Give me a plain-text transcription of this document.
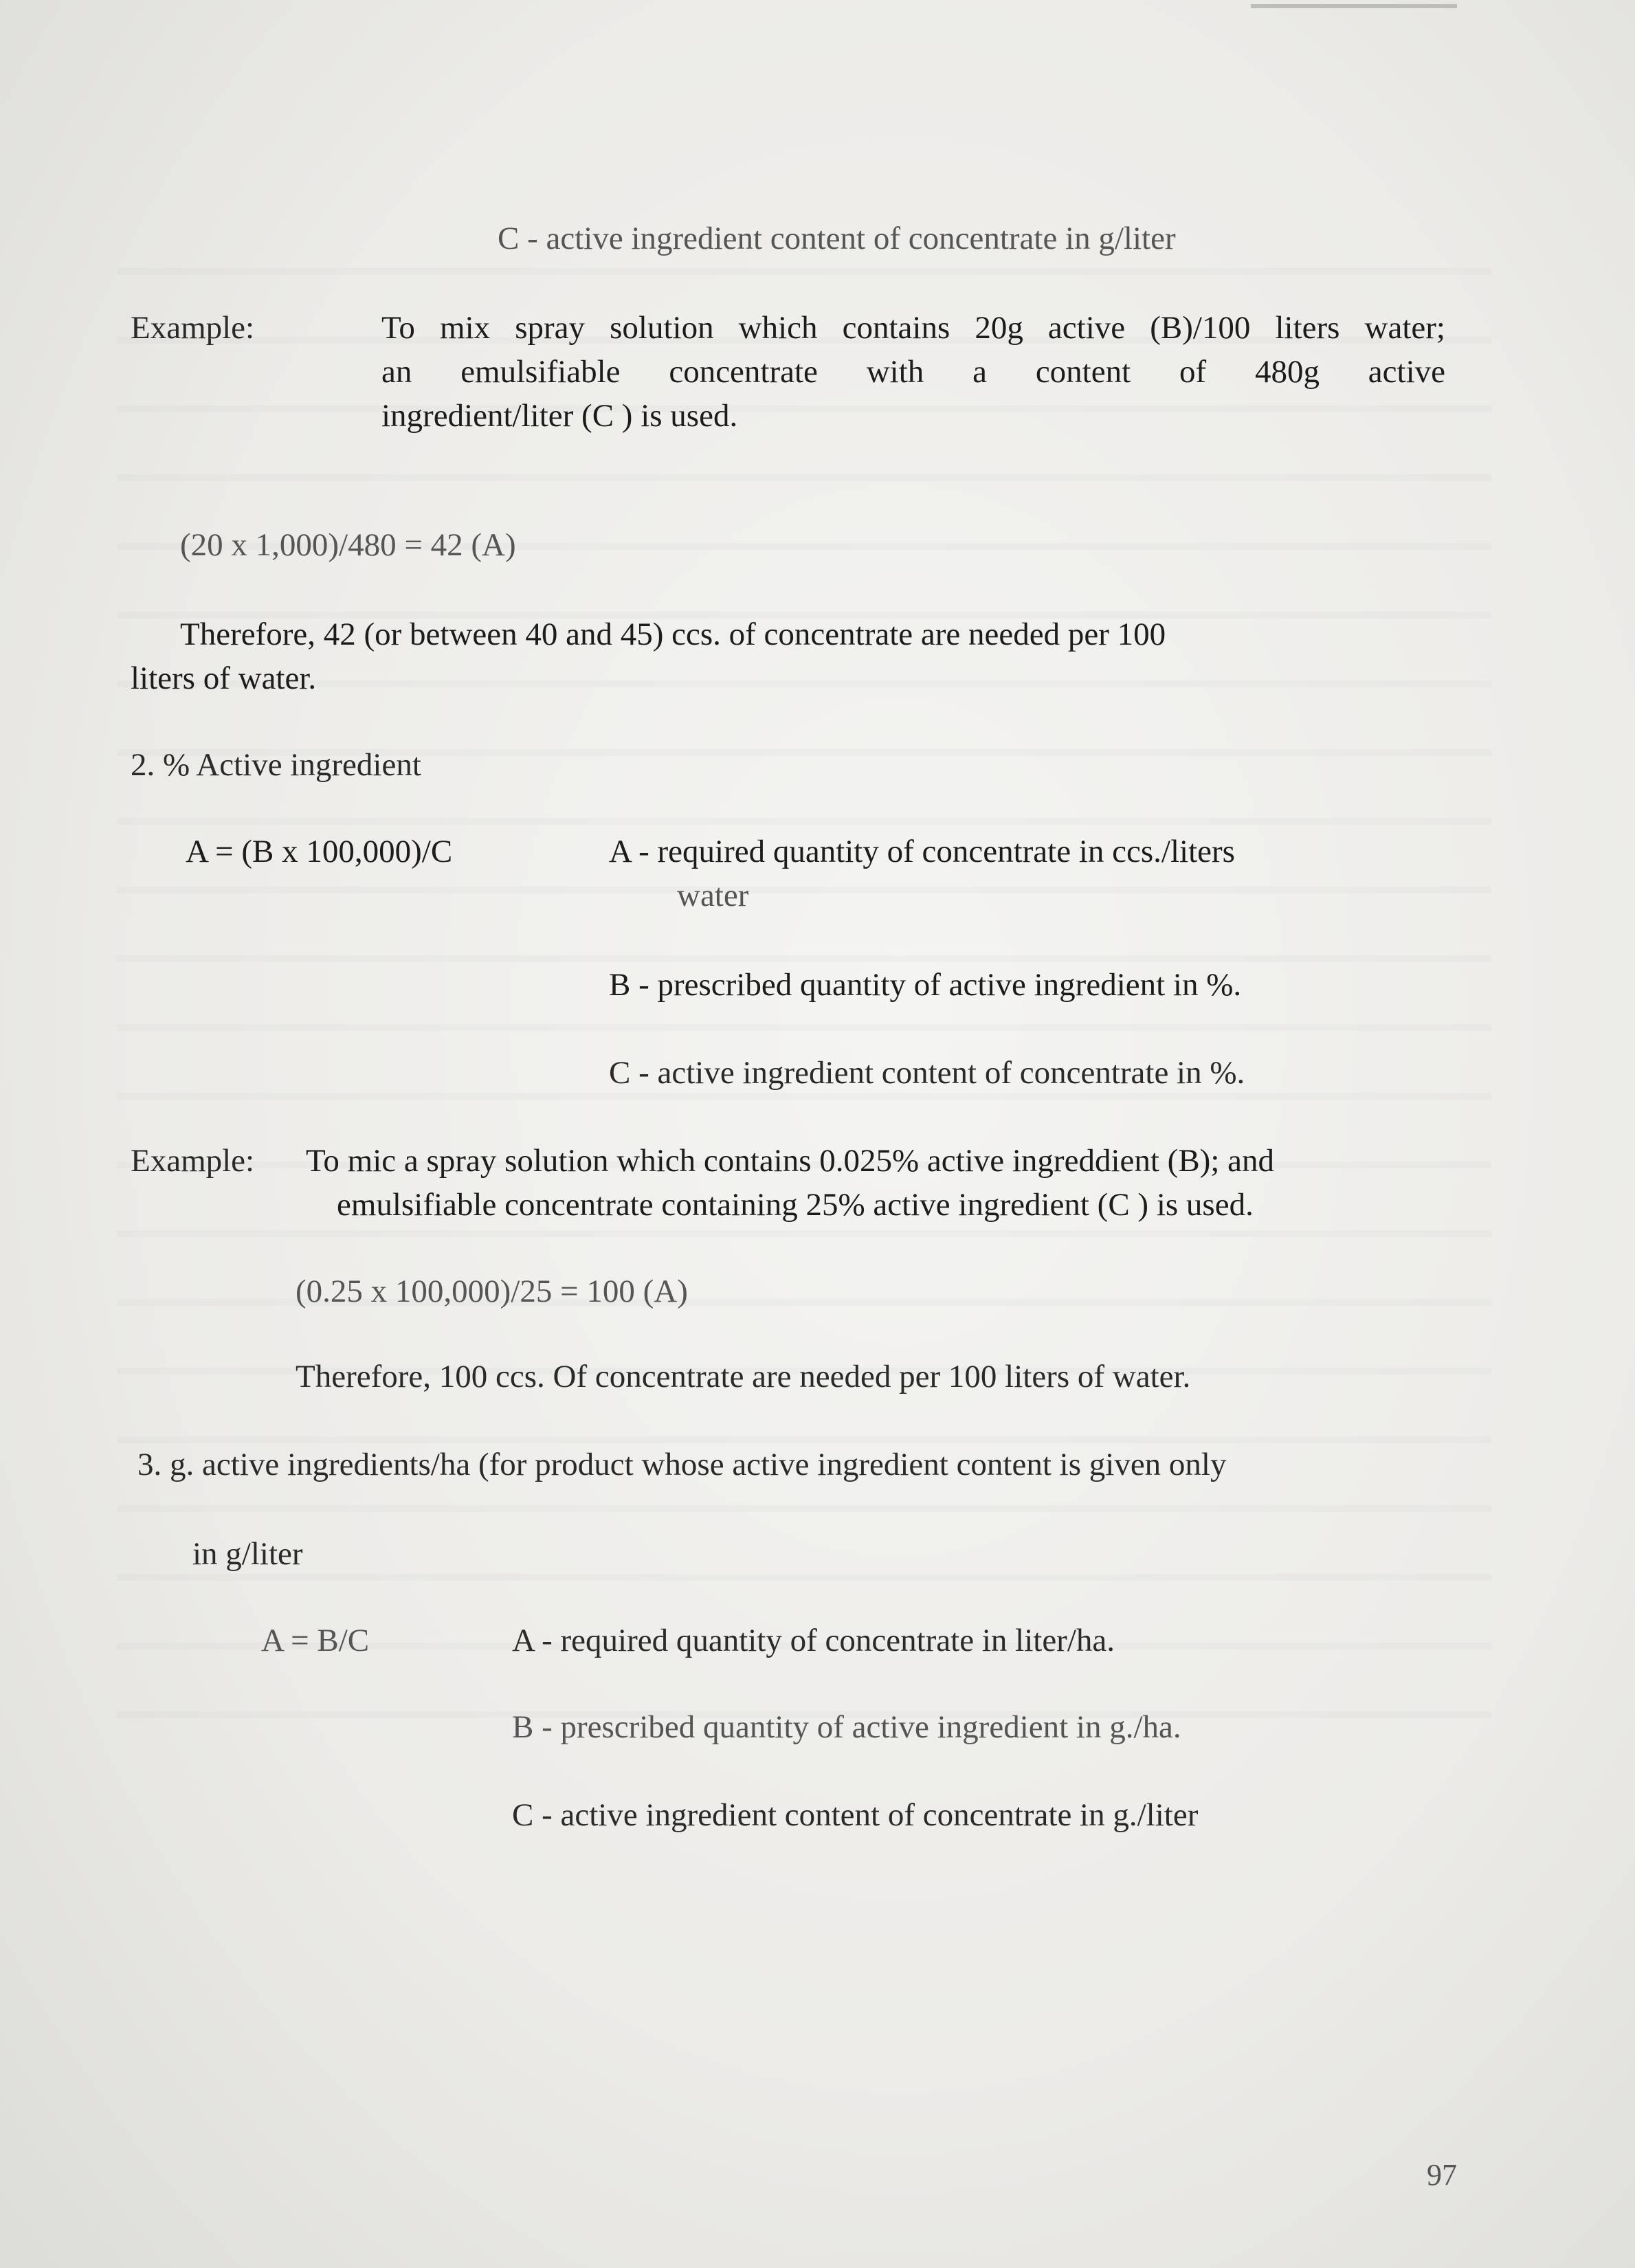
C - active ingredient content of concentrate in g/liter
Example:	To mix spray solution which contains 20g active (B)/100 liters water;
an emulsifiable concentrate with a content of 480g active
ingredient/liter (C ) is used.
(20 x 1,000)/480 = 42 (A)
Therefore, 42 (or between 40 and 45) ccs. of concentrate are needed per 100
liters of water.
2. % Active ingredient
A = (B x 100,000)/C	A - required quantity of concentrate in ccs./liters
water
B - prescribed quantity of active ingredient in %.
C - active ingredient content of concentrate in %.
Example: To mic a spray solution which contains 0.025% active ingreddient (B); and
emulsifiable concentrate containing 25% active ingredient (C ) is used.
(0.25 x 100,000)/25 = 100 (A)
Therefore, 100 ccs. Of concentrate are needed per 100 liters of water.
3. g. active ingredients/ha (for product whose active ingredient content is given only
in g/liter
A = B/C	A - required quantity of concentrate in liter/ha.
B - prescribed quantity of active ingredient in g./ha.
C - active ingredient content of concentrate in g./liter
97
